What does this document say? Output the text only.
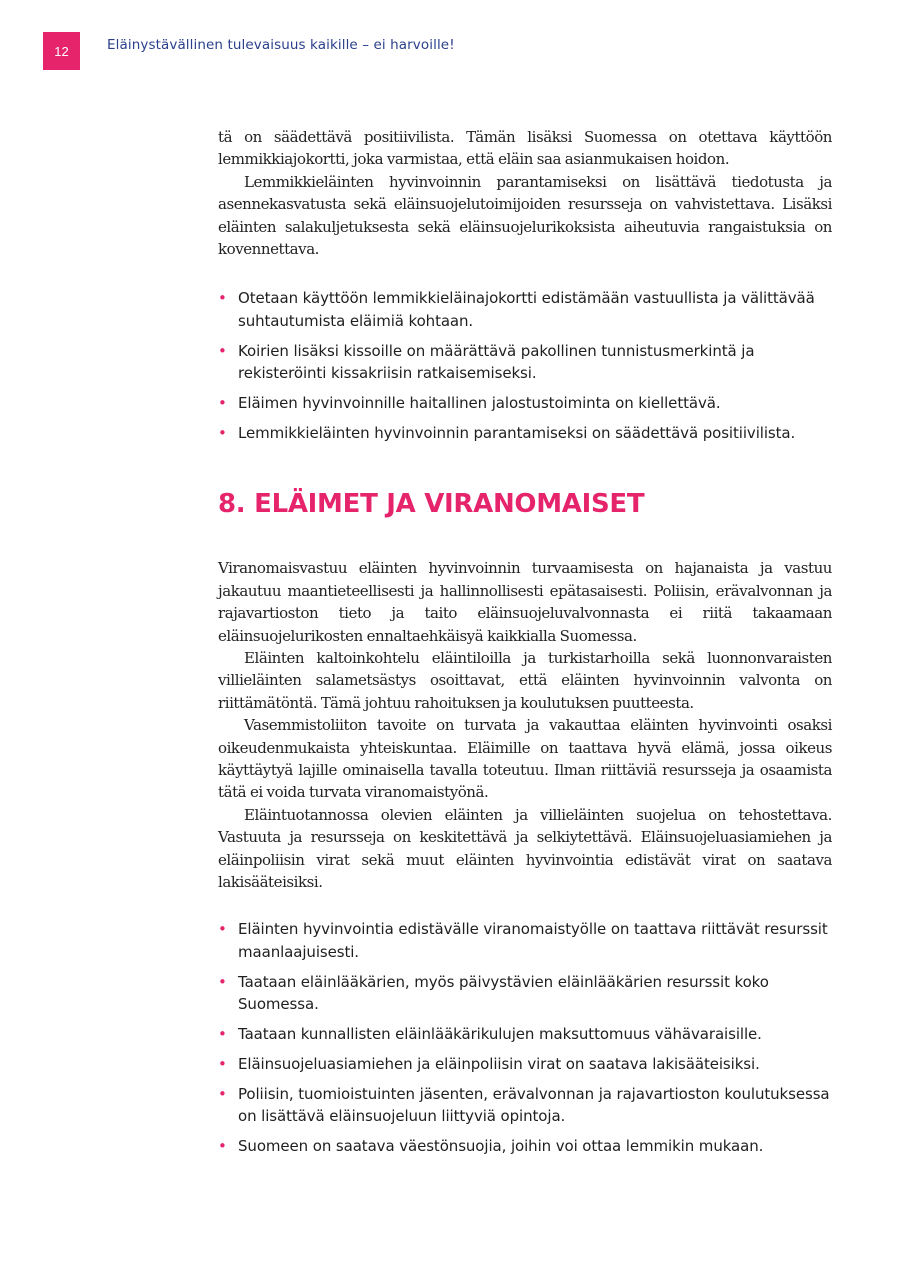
12	Eläinystävällinen tulevaisuus kaikille – ei harvoille!

tä on säädettävä positiivilista. Tämän lisäksi Suomessa on otettava käyttöön lemmikkiajokortti, joka varmistaa, että eläin saa asianmukaisen hoidon.

Lemmikkieläinten hyvinvoinnin parantamiseksi on lisättävä tiedotusta ja asennekasvatusta sekä eläinsuojelutoimijoiden resursseja on vahvistettava. Lisäksi eläinten salakuljetuksesta sekä eläinsuojelurikoksista aiheutuvia rangaistuksia on kovennettava.

• Otetaan käyttöön lemmikkieläinajokortti edistämään vastuullista ja välittävää suhtautumista eläimiä kohtaan.
• Koirien lisäksi kissoille on määrättävä pakollinen tunnistusmerkintä ja rekisteröinti kissakriisin ratkaisemiseksi.
• Eläimen hyvinvoinnille haitallinen jalostustoiminta on kiellettävä.
• Lemmikkieläinten hyvinvoinnin parantamiseksi on säädettävä positiivilista.
8. ELÄIMET JA VIRANOMAISET

Viranomaisvastuu eläinten hyvinvoinnin turvaamisesta on hajanaista ja vastuu jakautuu maantieteellisesti ja hallinnollisesti epätasaisesti. Poliisin, erävalvonnan ja rajavartioston tieto ja taito eläinsuojeluvalvonnasta ei riitä takaamaan eläinsuojelurikosten ennaltaehkäisyä kaikkialla Suomessa.

Eläinten kaltoinkohtelu eläintiloilla ja turkistarhoilla sekä luonnonvaraisten villieläinten salametsästys osoittavat, että eläinten hyvinvoinnin valvonta on riittämätöntä. Tämä johtuu rahoituksen ja koulutuksen puutteesta.

Vasemmistoliiton tavoite on turvata ja vakauttaa eläinten hyvinvointi osaksi oikeudenmukaista yhteiskuntaa. Eläimille on taattava hyvä elämä, jossa oikeus käyttäytyä lajille ominaisella tavalla toteutuu. Ilman riittäviä resursseja ja osaamista tätä ei voida turvata viranomaistyönä.

Eläintuotannossa olevien eläinten ja villieläinten suojelua on tehostettava. Vastuuta ja resursseja on keskitettävä ja selkiytettävä. Eläinsuojeluasiamiehen ja eläinpoliisin virat sekä muut eläinten hyvinvointia edistävät virat on saatava lakisääteisiksi.

• Eläinten hyvinvointia edistävälle viranomaistyölle on taattava riittävät resurssit maanlaajuisesti.
• Taataan eläinlääkärien, myös päivystävien eläinlääkärien resurssit koko Suomessa.
• Taataan kunnallisten eläinlääkärikulujen maksuttomuus vähävaraisille.
• Eläinsuojeluasiamiehen ja eläinpoliisin virat on saatava lakisääteisiksi.
• Poliisin, tuomioistuinten jäsenten, erävalvonnan ja rajavartioston koulutuksessa on lisättävä eläinsuojeluun liittyviä opintoja.
• Suomeen on saatava väestönsuojia, joihin voi ottaa lemmikin mukaan.
